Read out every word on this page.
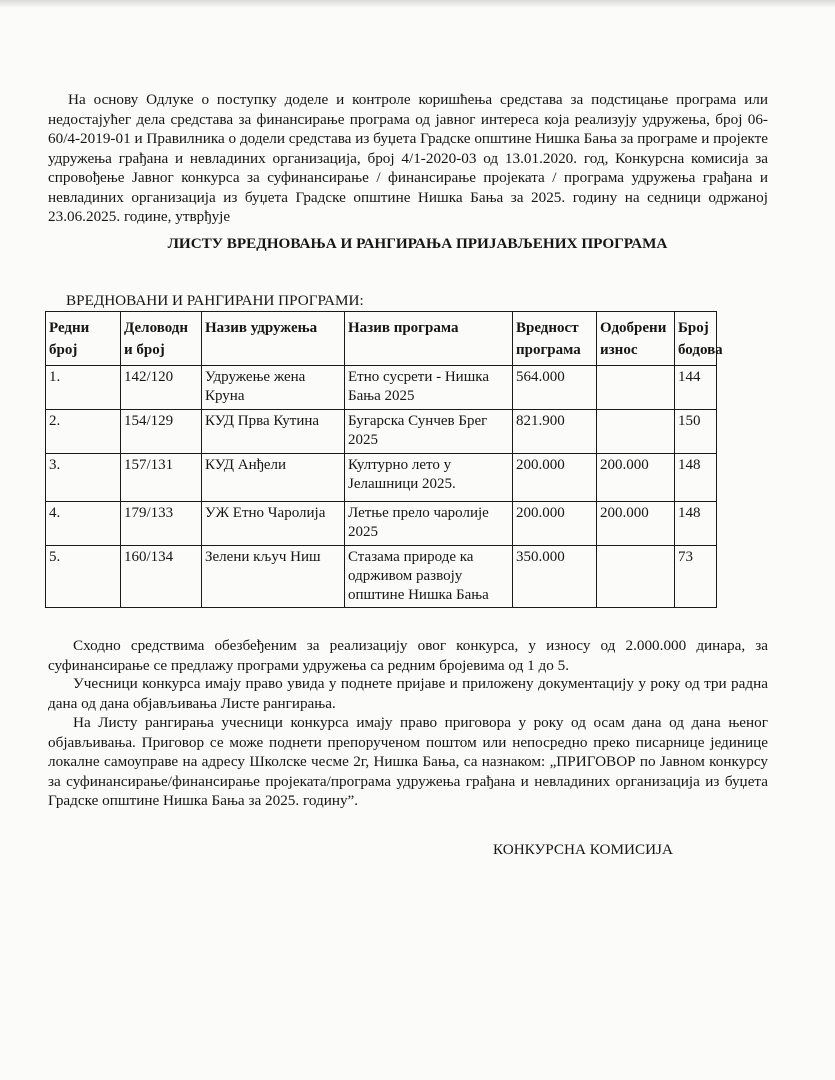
На основу Одлуке о поступку доделе и контроле коришћења средстава за подстицање програма или недостајућег дела средстава за финансирање програма од јавног интереса која реализују удружења, број 06-60/4-2019-01 и Правилника о додели средстава из буџета Градске општине Нишка Бања за програме и пројекте удружења грађана и невладиних организација, број 4/1-2020-03 од 13.01.2020. год, Конкурсна комисија за спровођење Јавног конкурса за суфинансирање / финансирање пројеката / програма удружења грађана и невладиних организација из буџета Градске општине Нишка Бања за 2025. годину на седници одржаној 23.06.2025. године, утврђује

ЛИСТУ ВРЕДНОВАЊА И РАНГИРАЊА ПРИЈАВЉЕНИХ ПРОГРАМА

ВРЕДНОВАНИ И РАНГИРАНИ ПРОГРАМИ:

Редни број	Деловодн и број	Назив удружења	Назив програма	Вредност програма	Одобрени износ	Број бодова
1.	142/120	Удружење жена Круна	Етно сусрети - Нишка Бања 2025	564.000		144
2.	154/129	КУД Прва Кутина	Бугарска Сунчев Брег 2025	821.900		150
3.	157/131	КУД Анђели	Културно лето у Јелашници 2025.	200.000	200.000	148
4.	179/133	УЖ Етно Чаролија	Летње прело чаролије 2025	200.000	200.000	148
5.	160/134	Зелени кључ Ниш	Стазама природе ка одрживом развоју општине Нишка Бања	350.000		73

Сходно средствима обезбеђеним за реализацију овог конкурса, у износу од 2.000.000 динара, за суфинансирање се предлажу програми удружења са редним бројевима од 1 до 5.

Учесници конкурса имају право увида у поднете пријаве и приложену документацију у року од три радна дана од дана објављивања Листе рангирања.

На Листу рангирања учесници конкурса имају право приговора у року од осам дана од дана њеног објављивања. Приговор се може поднети препорученом поштом или непосредно преко писарнице јединице локалне самоуправе на адресу Школске чесме 2г, Нишка Бања, са назнаком: „ПРИГОВОР по Јавном конкурсу за суфинансирање/финансирање пројеката/програма удружења грађана и невладиних организација из буџета Градске општине Нишка Бања за 2025. годину”.

КОНКУРСНА КОМИСИЈА
